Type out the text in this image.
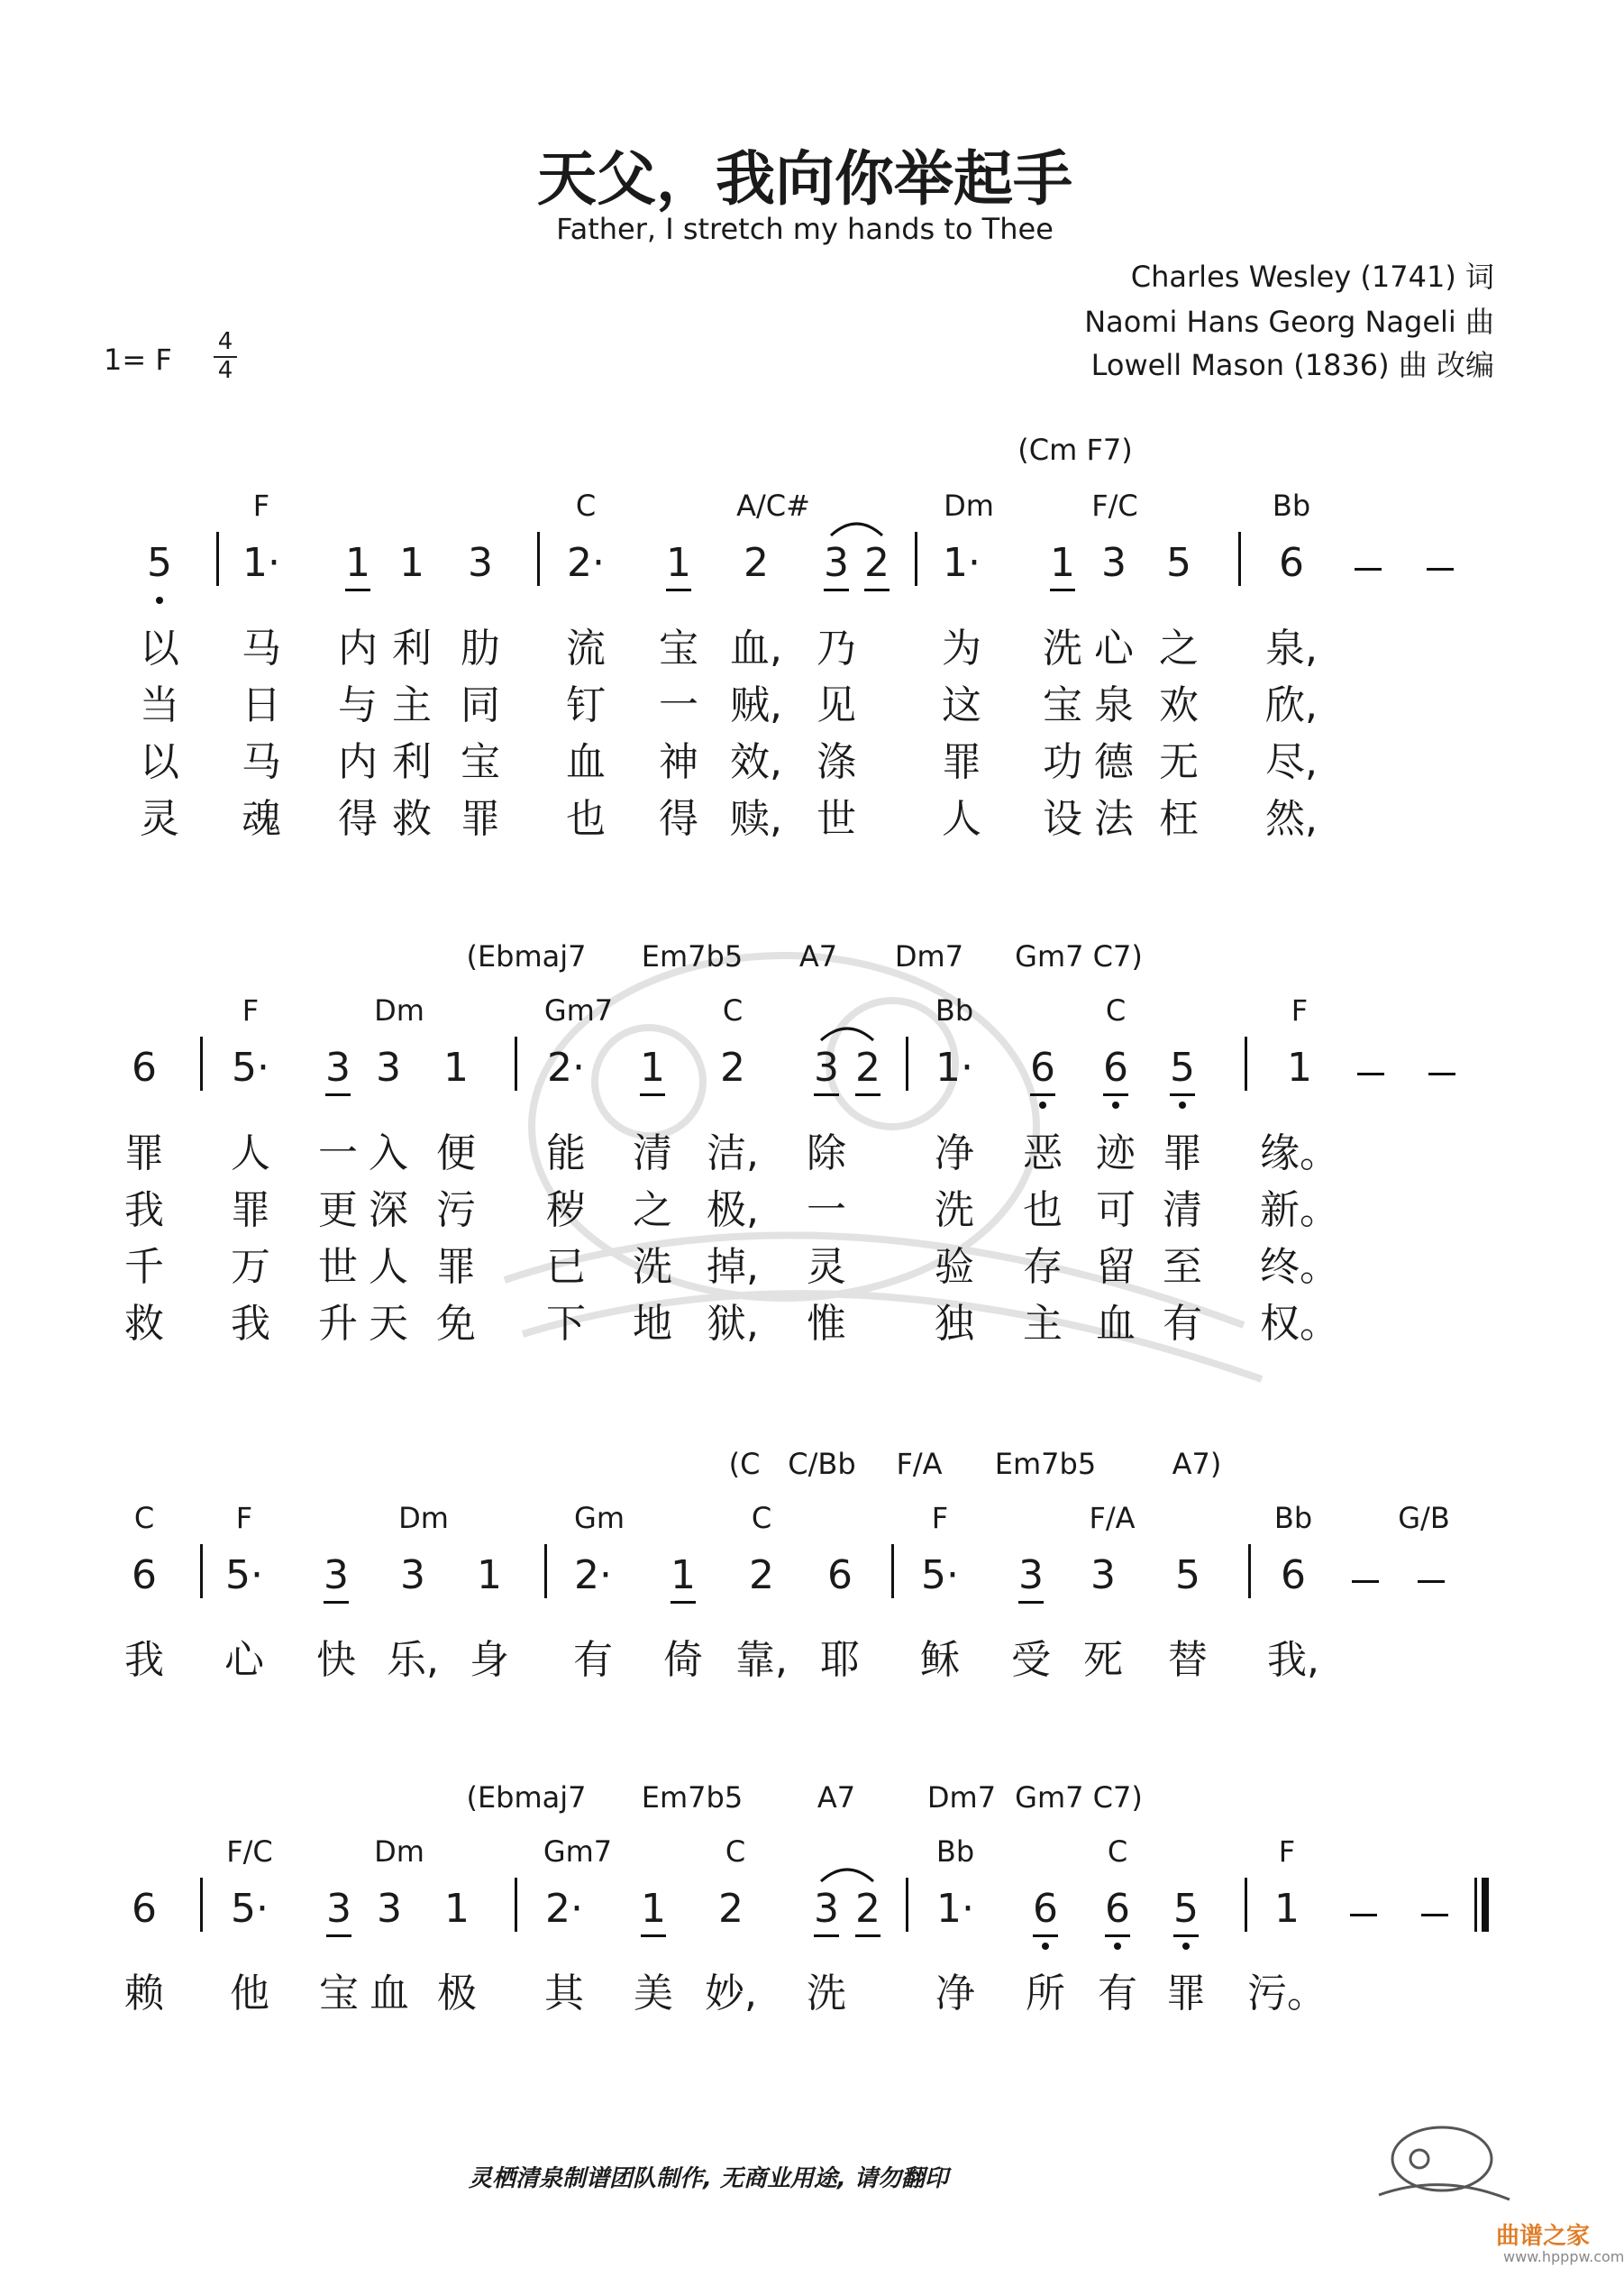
天父，我向你举起手
Father, I stretch my hands to Thee
Charles Wesley (1741) 词
Naomi Hans Georg Nageli 曲
Lowell Mason (1836) 曲 改编
1= F
4
4
灵栖清泉制谱团队制作, 无商业用途, 请勿翻印
曲谱之家
www.hpppw.com
(Cm F7)
F	C	A/C#	Dm	F/C	Bb
5 1· 1 1 3 2· 1 2 3 2 1· 1 3 5 6
以 马 内 利 肋 流 宝 血, 乃 为 洗 心 之 泉,
当 日 与 主 同 钉 一 贼, 见 这 宝 泉 欢 欣,
以 马 内 利 宝 血 神 效, 涤 罪 功 德 无 尽,
灵 魂 得 救 罪 也 得 赎, 世 人 设 法 枉 然,
(Ebmaj7 Em7b5 A7 Dm7 Gm7 C7)
F	Dm	Gm7	C	Bb	C	F
6 5· 3 3 1 2· 1 2 3 2 1· 6 6 5 1
罪 人 一 入 便 能 清 洁, 除 净 恶 迹 罪 缘。
我 罪 更 深 污 秽 之 极, 一 洗 也 可 清 新。
千 万 世 人 罪 已 洗 掉, 灵 验 存 留 至 终。
救 我 升 天 免 下 地 狱, 惟 独 主 血 有 权。
(C C/Bb F/A Em7b5	A7)
C	F	Dm	Gm	C	F	F/A	Bb	G/B
6 5· 3 3 1 2· 1 2 6 5· 3 3 5 6
我 心 快 乐, 身 有 倚 靠, 耶 稣 受 死 替 我,
(Ebmaj7 Em7b5	A7 Dm7 Gm7 C7)
F/C	Dm	Gm7	C	Bb	C	F
6 5· 3 3 1 2· 1 2 3 2 1· 6 6 5 1
赖 他 宝 血 极 其 美 妙, 洗 净 所 有 罪 污。
